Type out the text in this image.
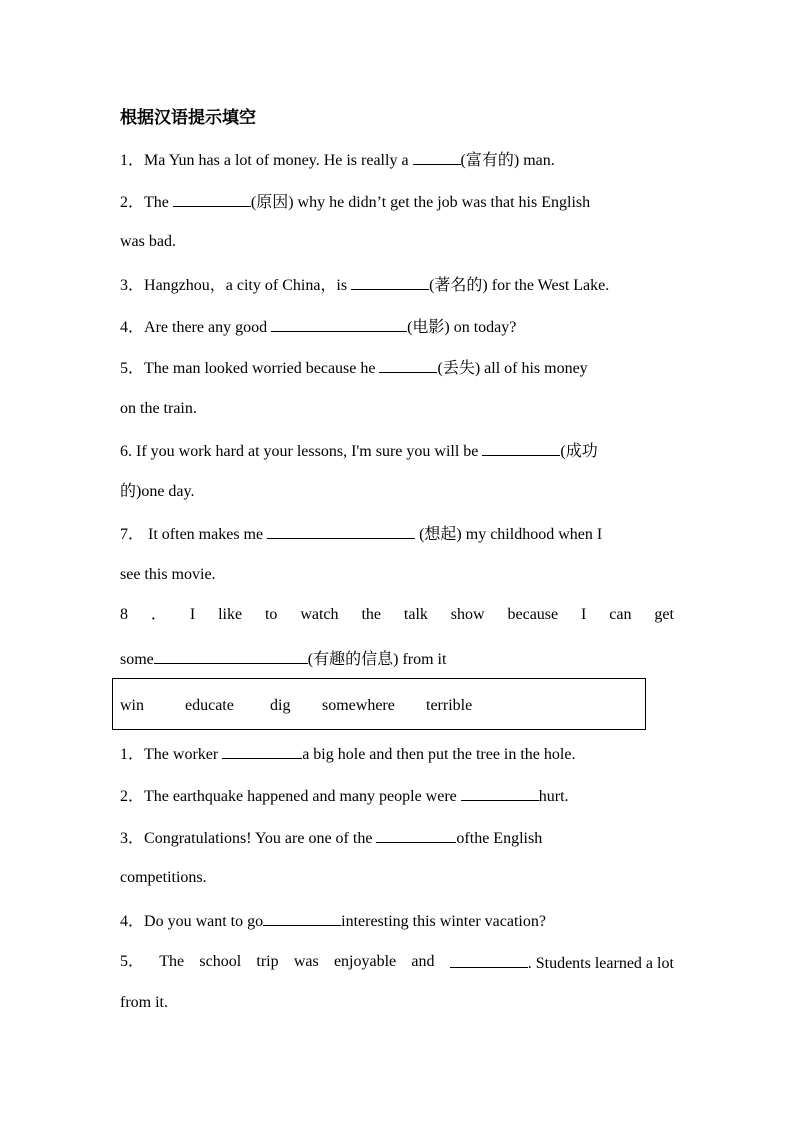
根据汉语提示填空
1．Ma Yun has a lot of money. He is really a	(富有的) man.
2．The	(原因) why he didn’t get the job was that his English
was bad.
3．Hangzhou，a city of China，is	(著名的) for the West Lake.
4．Are there any good	(电影) on today?
5．The man looked worried because he	(丢失) all of his money
on the train.
6. If you work hard at your lessons, I'm sure you will be	(成功
的)one day.
7． It often makes me	(想起) my childhood when I
see this movie.
8 ． I like to watch the talk show because I can get
some	(有趣的信息) from it
1．The worker	a big hole and then put the tree in the hole.
2．The earthquake happened and many people were	hurt.
3．Congratulations! You are one of the	ofthe English
competitions.
4．Do you want to go	interesting this winter vacation?
5． The school trip was enjoyable and	. Students learned a lot
from it.
win	educate dig somewhere terrible
